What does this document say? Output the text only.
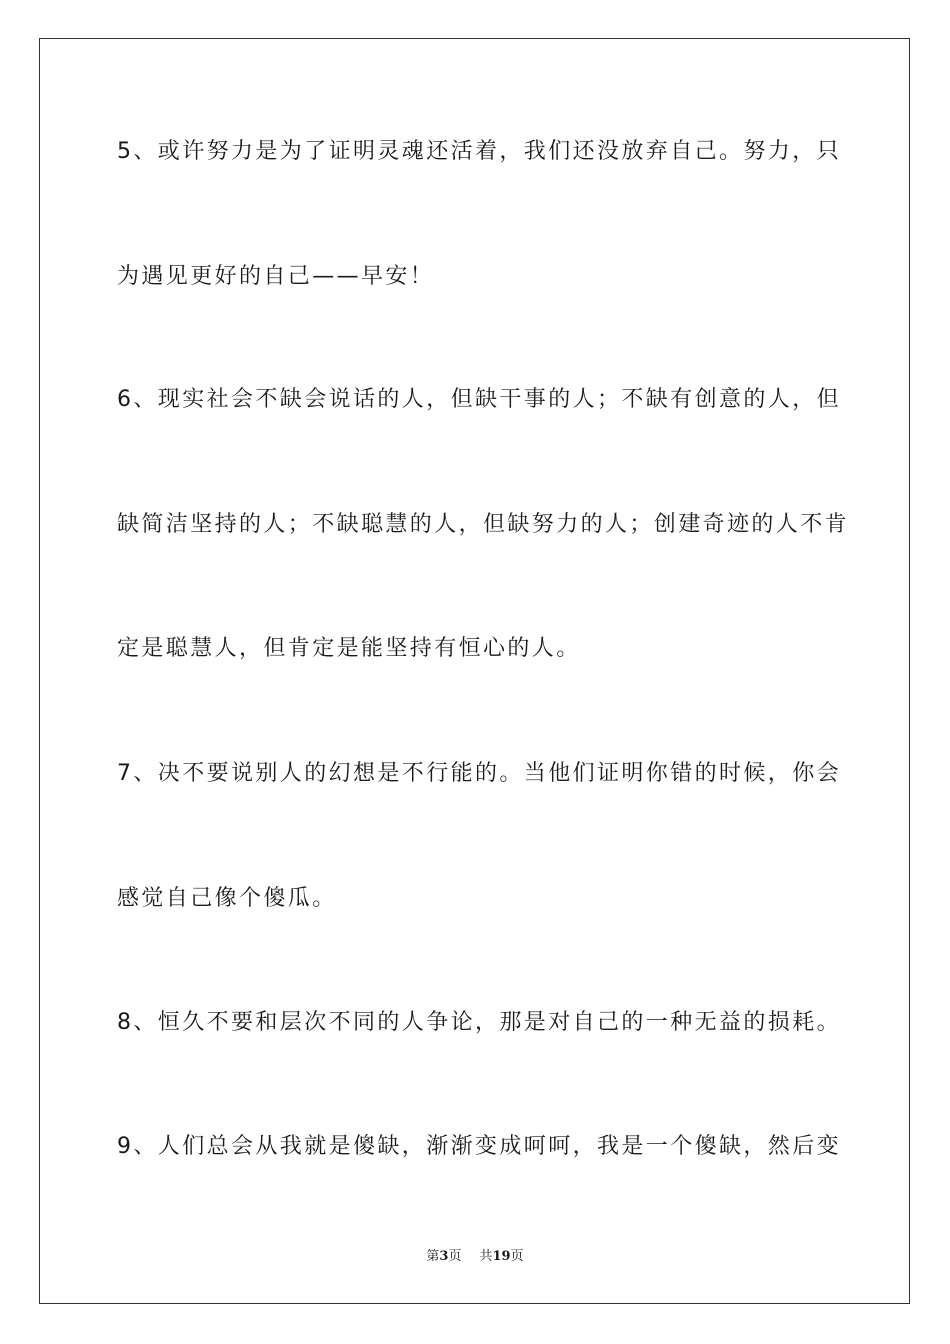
5、或许努力是为了证明灵魂还活着，我们还没放弃自己。努力，只
为遇见更好的自己——早安！
6、现实社会不缺会说话的人，但缺干事的人；不缺有创意的人，但
缺简洁坚持的人；不缺聪慧的人，但缺努力的人；创建奇迹的人不肯
定是聪慧人，但肯定是能坚持有恒心的人。
7、决不要说别人的幻想是不行能的。当他们证明你错的时候，你会
感觉自己像个傻瓜。
8、恒久不要和层次不同的人争论，那是对自己的一种无益的损耗。
9、人们总会从我就是傻缺，渐渐变成呵呵，我是一个傻缺，然后变
第3页 共19页
